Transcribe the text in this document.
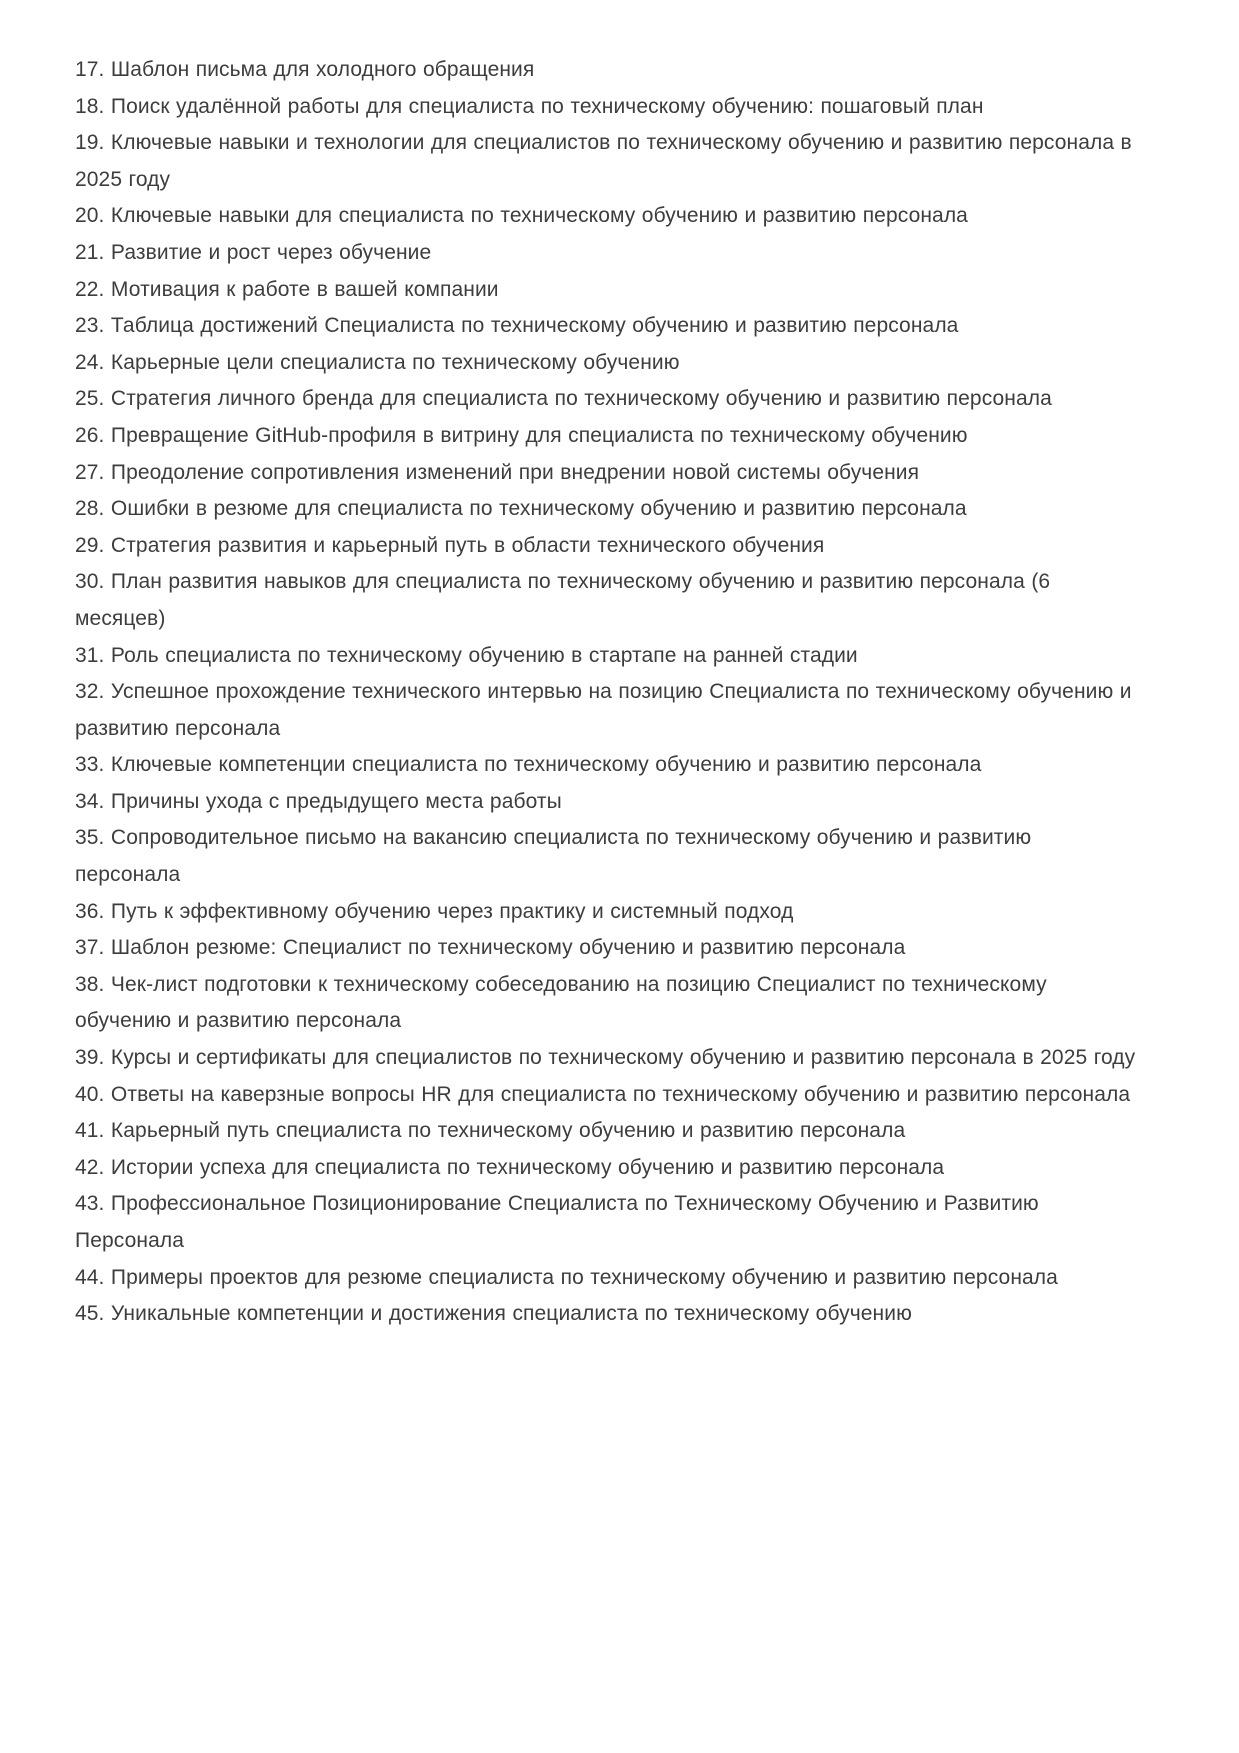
17. Шаблон письма для холодного обращения
18. Поиск удалённой работы для специалиста по техническому обучению: пошаговый план
19. Ключевые навыки и технологии для специалистов по техническому обучению и развитию персонала в 2025 году
20. Ключевые навыки для специалиста по техническому обучению и развитию персонала
21. Развитие и рост через обучение
22. Мотивация к работе в вашей компании
23. Таблица достижений Специалиста по техническому обучению и развитию персонала
24. Карьерные цели специалиста по техническому обучению
25. Стратегия личного бренда для специалиста по техническому обучению и развитию персонала
26. Превращение GitHub-профиля в витрину для специалиста по техническому обучению
27. Преодоление сопротивления изменений при внедрении новой системы обучения
28. Ошибки в резюме для специалиста по техническому обучению и развитию персонала
29. Стратегия развития и карьерный путь в области технического обучения
30. План развития навыков для специалиста по техническому обучению и развитию персонала (6 месяцев)
31. Роль специалиста по техническому обучению в стартапе на ранней стадии
32. Успешное прохождение технического интервью на позицию Специалиста по техническому обучению и развитию персонала
33. Ключевые компетенции специалиста по техническому обучению и развитию персонала
34. Причины ухода с предыдущего места работы
35. Сопроводительное письмо на вакансию специалиста по техническому обучению и развитию персонала
36. Путь к эффективному обучению через практику и системный подход
37. Шаблон резюме: Специалист по техническому обучению и развитию персонала
38. Чек-лист подготовки к техническому собеседованию на позицию Специалист по техническому обучению и развитию персонала
39. Курсы и сертификаты для специалистов по техническому обучению и развитию персонала в 2025 году
40. Ответы на каверзные вопросы HR для специалиста по техническому обучению и развитию персонала
41. Карьерный путь специалиста по техническому обучению и развитию персонала
42. Истории успеха для специалиста по техническому обучению и развитию персонала
43. Профессиональное Позиционирование Специалиста по Техническому Обучению и Развитию Персонала
44. Примеры проектов для резюме специалиста по техническому обучению и развитию персонала
45. Уникальные компетенции и достижения специалиста по техническому обучению
